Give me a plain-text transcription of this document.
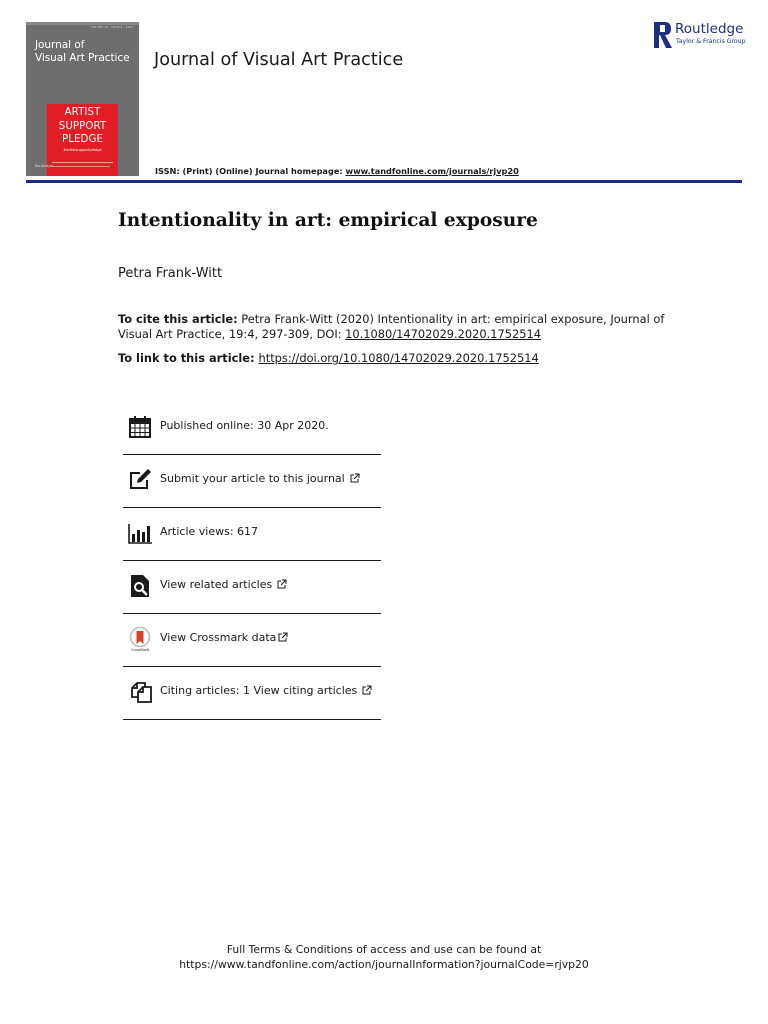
VOLUME 19 · ISSUE 4 · 2020
Journal of
Visual Art Practice
ARTIST
SUPPORT
PLEDGE
#artistsupportpledge
Routledge
Journal of Visual Art Practice
Routledge
Taylor & Francis Group
ISSN: (Print) (Online) Journal homepage: www.tandfonline.com/journals/rjvp20
Intentionality in art: empirical exposure
Petra Frank-Witt
To cite this article: Petra Frank-Witt (2020) Intentionality in art: empirical exposure, Journal of Visual Art Practice, 19:4, 297-309, DOI: 10.1080/14702029.2020.1752514
To link to this article: https://doi.org/10.1080/14702029.2020.1752514
Published online: 30 Apr 2020.
Submit your article to this journal
Article views: 617
View related articles
CrossMark
View Crossmark data
Citing articles: 1 View citing articles
Full Terms & Conditions of access and use can be found at
https://www.tandfonline.com/action/journalInformation?journalCode=rjvp20
